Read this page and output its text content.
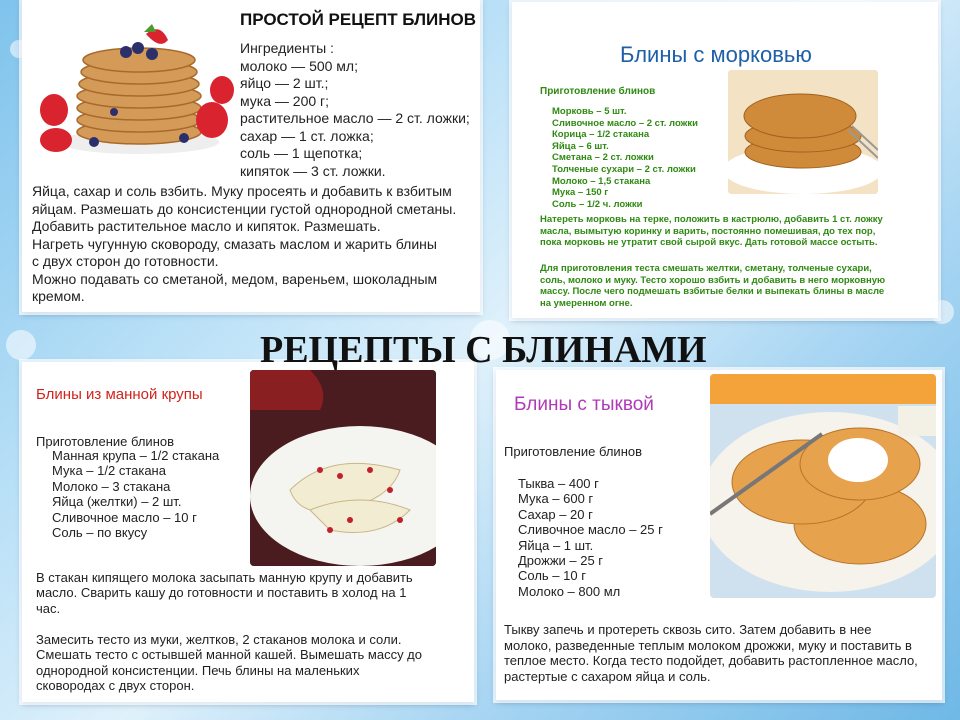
ПРОСТОЙ РЕЦЕПТ БЛИНОВ
Ингредиенты :
молоко — 500 мл;
яйцо — 2 шт.;
мука — 200 г;
растительное масло — 2 ст. ложки;
сахар — 1 ст. ложка;
соль — 1 щепотка;
кипяток — 3 ст. ложки.
Яйца, сахар и соль взбить. Муку просеять и добавить к взбитым
яйцам. Размешать до консистенции густой однородной сметаны.
Добавить растительное масло и кипяток. Размешать.
Нагреть чугунную сковороду, смазать маслом и жарить блины
с двух сторон до готовности.
Можно подавать со сметаной, медом, вареньем, шоколадным
кремом.
Блины с морковью
Приготовление блинов
Морковь – 5 шт.
Сливочное масло – 2 ст. ложки
Корица – 1/2 стакана
Яйца – 6 шт.
Сметана – 2 ст. ложки
Толченые сухари – 2 ст. ложки
Молоко – 1,5 стакана
Мука – 150 г
Соль – 1/2 ч. ложки
Натереть морковь на терке, положить в кастрюлю, добавить 1 ст. ложку
масла, вымытую коринку и варить, постоянно помешивая, до тех пор,
пока морковь не утратит свой сырой вкус. Дать готовой массе остыть.
Для приготовления теста смешать желтки, сметану, толченые сухари,
соль, молоко и муку. Тесто хорошо взбить и добавить в него морковную
массу. После чего подмешать взбитые белки и выпекать блины в масле
на умеренном огне.
Блины из манной крупы
Приготовление блинов
Манная крупа – 1/2 стакана
Мука – 1/2 стакана
Молоко – 3 стакана
Яйца (желтки) – 2 шт.
Сливочное масло – 10 г
Соль – по вкусу
В стакан кипящего молока засыпать манную крупу и добавить
масло. Сварить кашу до готовности и поставить в холод на 1
час.
Замесить тесто из муки, желтков, 2 стаканов молока и соли.
Смешать тесто с остывшей манной кашей. Вымешать массу до
однородной консистенции. Печь блины на маленьких
сковородах с двух сторон.
Блины с тыквой
Приготовление блинов
Тыква – 400 г
Мука – 600 г
Сахар – 20 г
Сливочное масло – 25 г
Яйца – 1 шт.
Дрожжи – 25 г
Соль – 10 г
Молоко – 800 мл
Тыкву запечь и протереть сквозь сито. Затем добавить в нее
молоко, разведенные теплым молоком дрожжи, муку и поставить в
теплое место. Когда тесто подойдет, добавить растопленное масло,
растертые с сахаром яйца и соль.
РЕЦЕПТЫ С БЛИНАМИ
